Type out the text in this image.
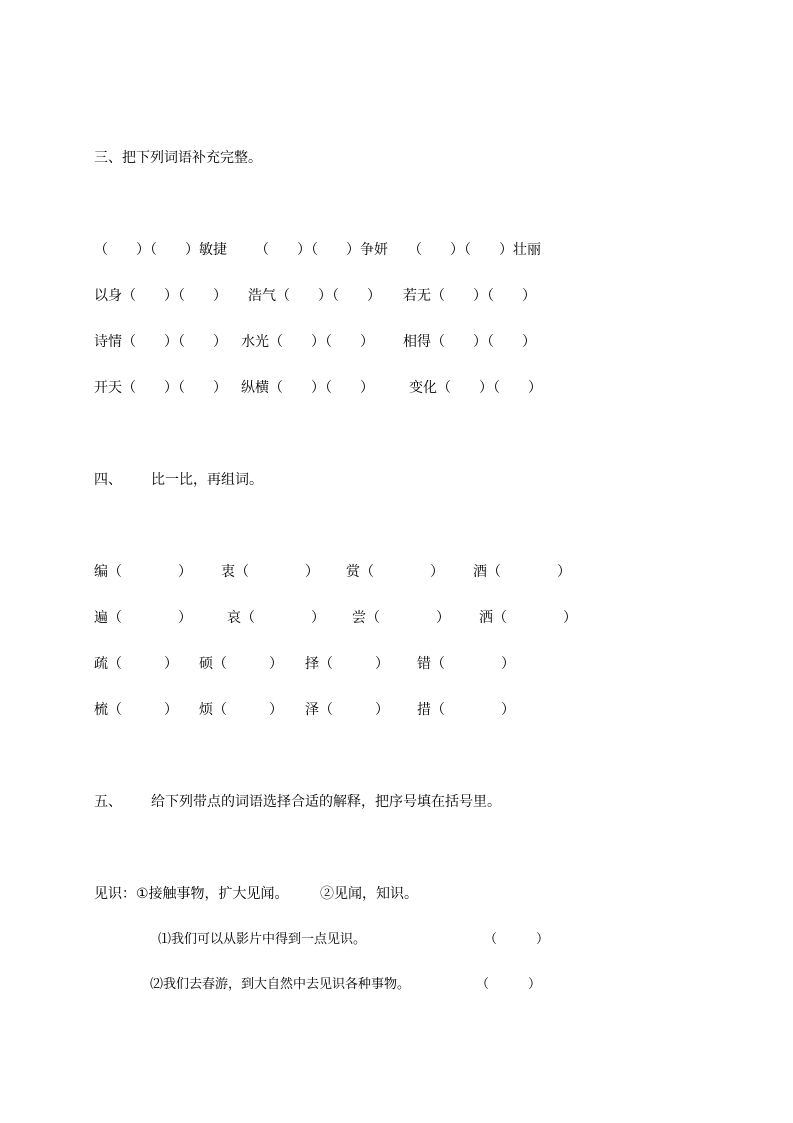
三、把下列词语补充完整。
（　　）（　　）敏捷 （　　）（　　）争妍 （　　）（　　）壮丽
以身（　　）（　　） 浩气（　　）（　　） 若无（　　）（　　）
诗情（　　）（　　） 水光（　　）（　　） 相得（　　）（　　）
开天（　　）（　　） 纵横（　　）（　　）	变化（　　）（　　）
四、 比一比，再组词。
编（　　　　） 衷（　　　　） 赏（　　　　） 酒（　　　　）
遍（　　　　）	哀（　　　　） 尝（　　　　） 洒（　　　　）
疏（　　　） 硕（　　　） 择（　　　） 错（　　　　）
梳（　　　） 烦（　　　） 泽（　　　） 措（　　　　）
五、 给下列带点的词语选择合适的解释，把序号填在括号里。
见识： ①接触事物，扩大见闻。 ②见闻，知识。
⑴我们可以从影片中得到一点见识。	（　　　）
⑵我们去春游，到大自然中去见识各种事物。	（　　　）
